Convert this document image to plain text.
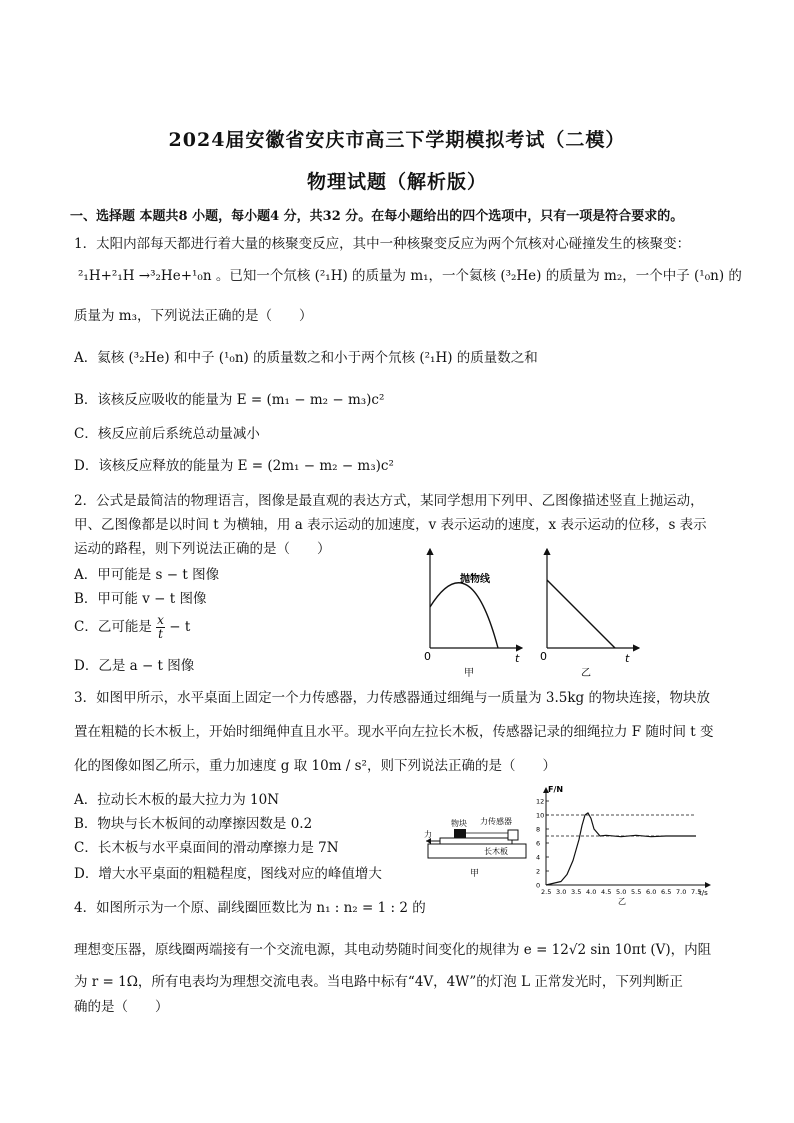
2024届安徽省安庆市高三下学期模拟考试（二模）
物理试题（解析版）
一、选择题 本题共8 小题，每小题4 分，共32 分。在每小题给出的四个选项中，只有一项是符合要求的。
1．太阳内部每天都进行着大量的核聚变反应，其中一种核聚变反应为两个氘核对心碰撞发生的核聚变：
²₁H+²₁H →³₂He+¹₀n 。已知一个氘核 (²₁H) 的质量为 m₁，一个氦核 (³₂He) 的质量为 m₂，一个中子 (¹₀n) 的
质量为 m₃，下列说法正确的是（　　）
A．氦核 (³₂He) 和中子 (¹₀n) 的质量数之和小于两个氘核 (²₁H) 的质量数之和
B．该核反应吸收的能量为 E = (m₁ − m₂ − m₃)c²
C．核反应前后系统总动量减小
D．该核反应释放的能量为 E = (2m₁ − m₂ − m₃)c²
2．公式是最简洁的物理语言，图像是最直观的表达方式，某同学想用下列甲、乙图像描述竖直上抛运动，
甲、乙图像都是以时间 t 为横轴，用 a 表示运动的加速度，v 表示运动的速度，x 表示运动的位移，s 表示
运动的路程，则下列说法正确的是（　　）
A．甲可能是 s − t 图像
B．甲可能 v − t 图像
C．乙可能是 $\frac{x}{t} - t$
D．乙是 a − t 图像
抛物线
0	t
甲
0	t
乙
3．如图甲所示，水平桌面上固定一个力传感器，力传感器通过细绳与一质量为 3.5kg 的物块连接，物块放
置在粗糙的长木板上，开始时细绳伸直且水平。现水平向左拉长木板，传感器记录的细绳拉力 F 随时间 t 变
化的图像如图乙所示，重力加速度 g 取 10m / s²，则下列说法正确的是（　　）
A．拉动长木板的最大拉力为 10N
B．物块与长木板间的动摩擦因数是 0.2
C．长木板与水平桌面间的滑动摩擦力是 7N
D．增大水平桌面的粗糙程度，图线对应的峰值增大
力
物块 力传感器
长木板
甲
F/N
t/s
乙
12
10
8
6
4
2
0
2.5 3.0 3.5 4.0 4.5 5.0 5.5 6.0 6.5 7.0 7.5
4．如图所示为一个原、副线圈匝数比为 n₁ : n₂ = 1 : 2 的
理想变压器，原线圈两端接有一个交流电源，其电动势随时间变化的规律为 e = 12√2 sin 10πt (V)，内阻
为 r = 1Ω，所有电表均为理想交流电表。当电路中标有“4V，4W”的灯泡 L 正常发光时，下列判断正
确的是（　　）
